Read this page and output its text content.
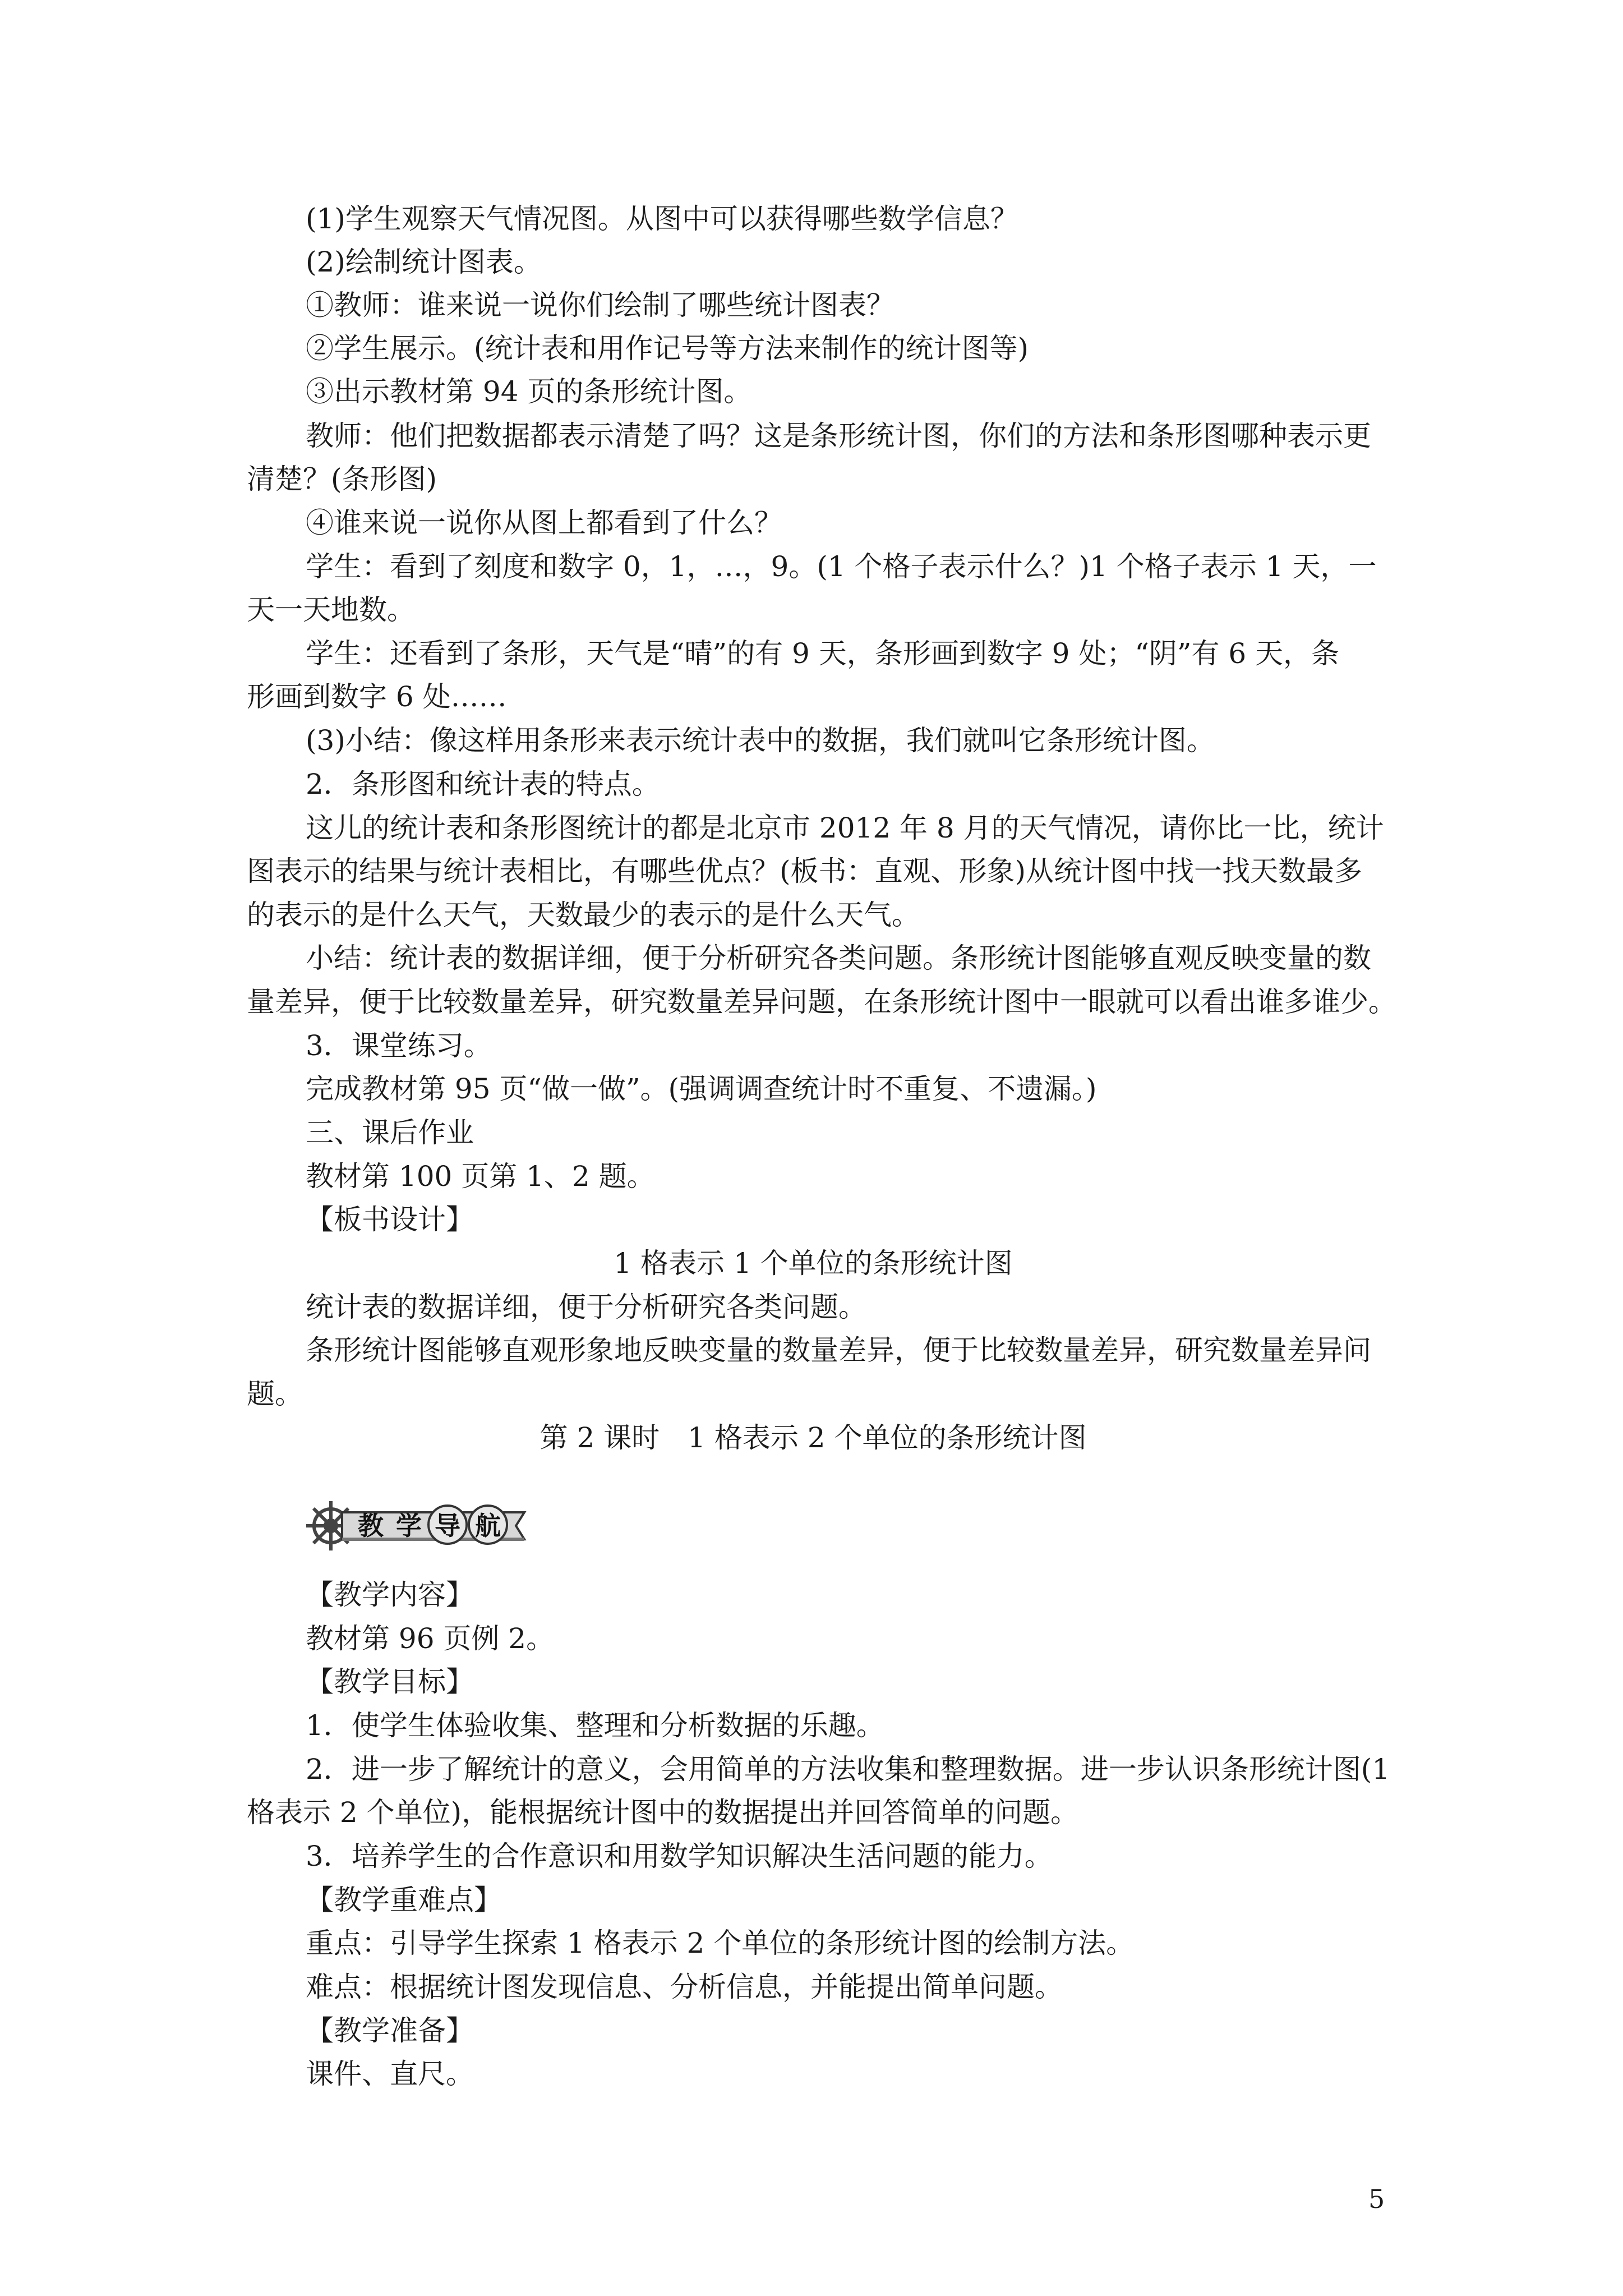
(1)学生观察天气情况图。从图中可以获得哪些数学信息？
(2)绘制统计图表。
①教师：谁来说一说你们绘制了哪些统计图表？
②学生展示。(统计表和用作记号等方法来制作的统计图等)
③出示教材第 94 页的条形统计图。
教师：他们把数据都表示清楚了吗？这是条形统计图，你们的方法和条形图哪种表示更
清楚？(条形图)
④谁来说一说你从图上都看到了什么？
学生：看到了刻度和数字 0，1，…，9。(1 个格子表示什么？)1 个格子表示 1 天，一
天一天地数。
学生：还看到了条形，天气是“晴”的有 9 天，条形画到数字 9 处；“阴”有 6 天，条
形画到数字 6 处……
(3)小结：像这样用条形来表示统计表中的数据，我们就叫它条形统计图。
2．条形图和统计表的特点。
这儿的统计表和条形图统计的都是北京市 2012 年 8 月的天气情况，请你比一比，统计
图表示的结果与统计表相比，有哪些优点？(板书：直观、形象)从统计图中找一找天数最多
的表示的是什么天气，天数最少的表示的是什么天气。
小结：统计表的数据详细，便于分析研究各类问题。条形统计图能够直观反映变量的数
量差异，便于比较数量差异，研究数量差异问题，在条形统计图中一眼就可以看出谁多谁少。
3．课堂练习。
完成教材第 95 页“做一做”。(强调调查统计时不重复、不遗漏。)
三、课后作业
教材第 100 页第 1、2 题。
【板书设计】
1 格表示 1 个单位的条形统计图
统计表的数据详细，便于分析研究各类问题。
条形统计图能够直观形象地反映变量的数量差异，便于比较数量差异，研究数量差异问
题。
第 2 课时　1 格表示 2 个单位的条形统计图
教 学 导 航
【教学内容】
教材第 96 页例 2。
【教学目标】
1．使学生体验收集、整理和分析数据的乐趣。
2．进一步了解统计的意义，会用简单的方法收集和整理数据。进一步认识条形统计图(1
格表示 2 个单位)，能根据统计图中的数据提出并回答简单的问题。
3．培养学生的合作意识和用数学知识解决生活问题的能力。
【教学重难点】
重点：引导学生探索 1 格表示 2 个单位的条形统计图的绘制方法。
难点：根据统计图发现信息、分析信息，并能提出简单问题。
【教学准备】
课件、直尺。
5
